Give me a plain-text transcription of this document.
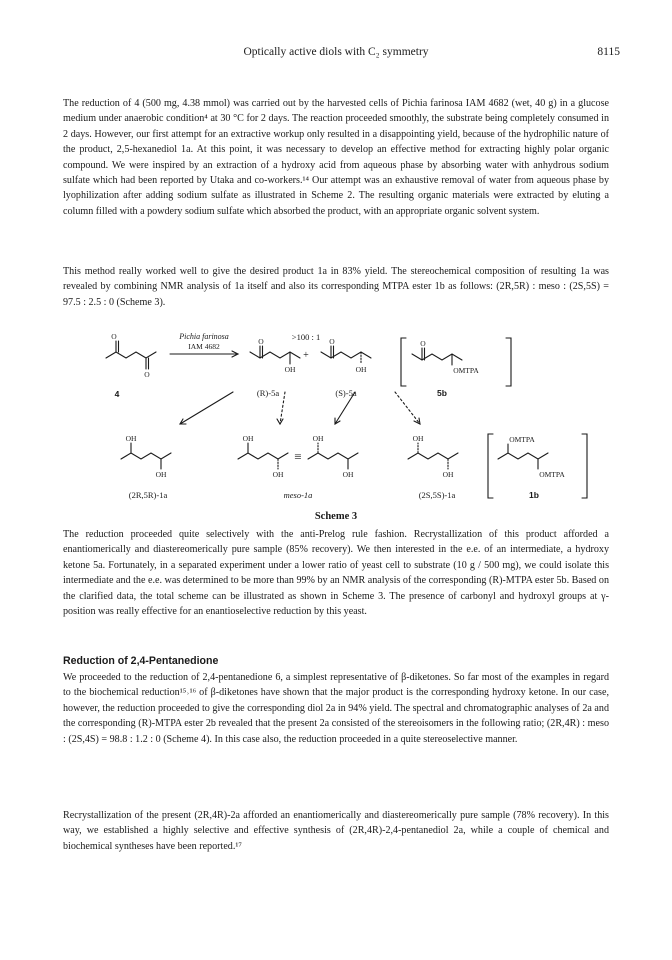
Optically active diols with C₂ symmetry	8115

The reduction of 4 (500 mg, 4.38 mmol) was carried out by the harvested cells of Pichia farinosa IAM 4682 (wet, 40 g) in a glucose medium under anaerobic condition⁴ at 30 °C for 2 days. The reaction proceeded smoothly, the substrate being completely consumed in 2 days. However, our first attempt for an extractive workup only resulted in a disappointing yield, because of the hydrophilic nature of the product, 2,5-hexanediol 1a. At this point, it was necessary to develop an effective method for extracting highly polar organic compound. We were inspired by an extraction of a hydroxy acid from aqueous phase by absorbing water with anhydrous sodium sulfate which had been reported by Utaka and co-workers.¹⁴ Our attempt was an exhaustive removal of water from aqueous phase by lyophilization after adding sodium sulfate as illustrated in Scheme 2. The resulting organic materials were extracted by eluting a column filled with a powdery sodium sulfate which absorbed the product, with an appropriate organic solvent system.

This method really worked well to give the desired product 1a in 83% yield. The stereochemical composition of resulting 1a was revealed by combining NMR analysis of 1a itself and also its corresponding MTPA ester 1b as follows: (2R,5R) : meso : (2S,5S) = 97.5 : 2.5 : 0 (Scheme 3).

O
O
O
OH
O
OH
O
OMTPA
OH
OH
OH
OH
OH
OH
OH
OH
OMTPA
OMTPA
IAM 4682
Pichia farinosa	>100 : 1
+
≡
4	(R)-5a	(S)-5a	5b
(2R,5R)-1a	meso-1a	(2S,5S)-1a	1b

Scheme 3

The reduction proceeded quite selectively with the anti-Prelog rule fashion. Recrystallization of this product afforded a enantiomerically and diastereomerically pure sample (85% recovery). We then interested in the e.e. of an intermediate, a hydroxy ketone 5a. Fortunately, in a separated experiment under a lower ratio of yeast cell to substrate (10 g / 500 mg), we could isolate this intermediate and the e.e. was determined to be more than 99% by an NMR analysis of the corresponding (R)-MTPA ester 5b. Based on the clarified data, the total scheme can be illustrated as shown in Scheme 3. The presence of carbonyl and hydroxyl groups at γ-position was really effective for an enantioselective reduction by this yeast.

Reduction of 2,4-Pentanedione

We proceeded to the reduction of 2,4-pentanedione 6, a simplest representative of β-diketones. So far most of the examples in regard to the biochemical reduction¹⁵˒¹⁶ of β-diketones have shown that the major product is the corresponding hydroxy ketone. In our case, however, the reduction proceeded to give the corresponding diol 2a in 94% yield. The spectral and chromatographic analyses of 2a and the corresponding (R)-MTPA ester 2b revealed that the present 2a consisted of the stereoisomers in the following ratio; (2R,4R) : meso : (2S,4S) = 98.8 : 1.2 : 0 (Scheme 4). In this case also, the reduction proceeded in a quite stereoselective manner.

Recrystallization of the present (2R,4R)-2a afforded an enantiomerically and diastereomerically pure sample (78% recovery). In this way, we established a highly selective and effective synthesis of (2R,4R)-2,4-pentanediol 2a, while a couple of chemical and biochemical syntheses have been reported.¹⁷
